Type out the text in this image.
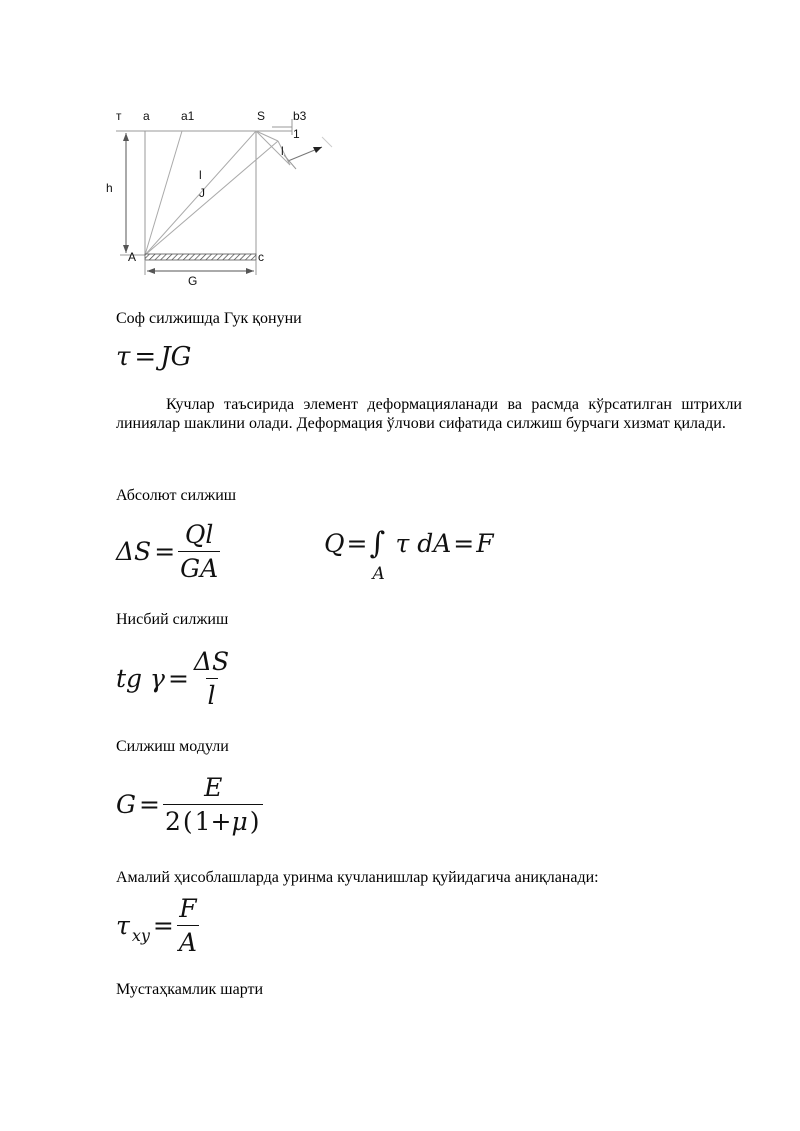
т a	a1	S b3
1
l
h
l
J
A	c
G
Соф силжишда Гук қонуни
τ = JG
Кучлар таъсирида элемент деформацияланади ва расмда кўрсатилган штрихли линиялар шаклини олади. Деформация ўлчови сифатида силжиш бурчаги хизмат қилади.
Абсолют силжиш
$\Delta S = \frac{Ql}{GA}$	Q = ∫
A
τ dA = F
Нисбий силжиш
tg $\gamma = \frac{\Delta S}{l}$
Силжиш модули
$G = \frac{E}{2(1+\mu)}$
Амалий ҳисоблашларда уринма кучланишлар қуйидагича аниқланади:
τ xy = $\frac{F}{A}$
Мустаҳкамлик шарти
